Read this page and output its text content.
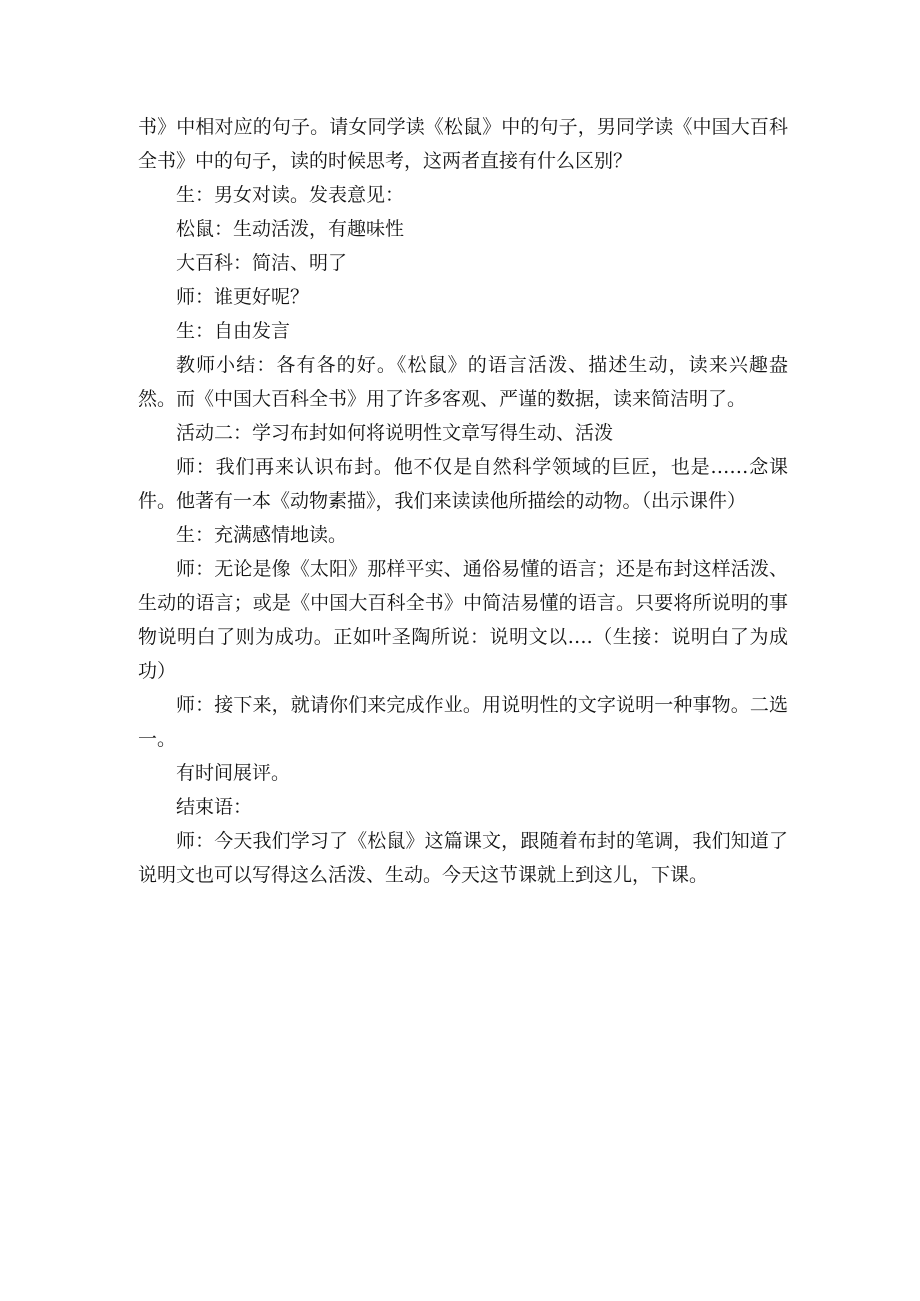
书》中相对应的句子。请女同学读《松鼠》中的句子，男同学读《中国大百科全书》中的句子，读的时候思考，这两者直接有什么区别？

生：男女对读。发表意见：

松鼠：生动活泼，有趣味性

大百科：简洁、明了

师：谁更好呢？

生：自由发言

教师小结：各有各的好。《松鼠》的语言活泼、描述生动，读来兴趣盎然。而《中国大百科全书》用了许多客观、严谨的数据，读来简洁明了。

活动二：学习布封如何将说明性文章写得生动、活泼

师：我们再来认识布封。他不仅是自然科学领域的巨匠，也是……念课件。他著有一本《动物素描》，我们来读读他所描绘的动物。（出示课件）

生：充满感情地读。

师：无论是像《太阳》那样平实、通俗易懂的语言；还是布封这样活泼、生动的语言；或是《中国大百科全书》中简洁易懂的语言。只要将所说明的事物说明白了则为成功。正如叶圣陶所说：说明文以….（生接：说明白了为成功）

师：接下来，就请你们来完成作业。用说明性的文字说明一种事物。二选一。

有时间展评。

结束语：

师：今天我们学习了《松鼠》这篇课文，跟随着布封的笔调，我们知道了说明文也可以写得这么活泼、生动。今天这节课就上到这儿，下课。
